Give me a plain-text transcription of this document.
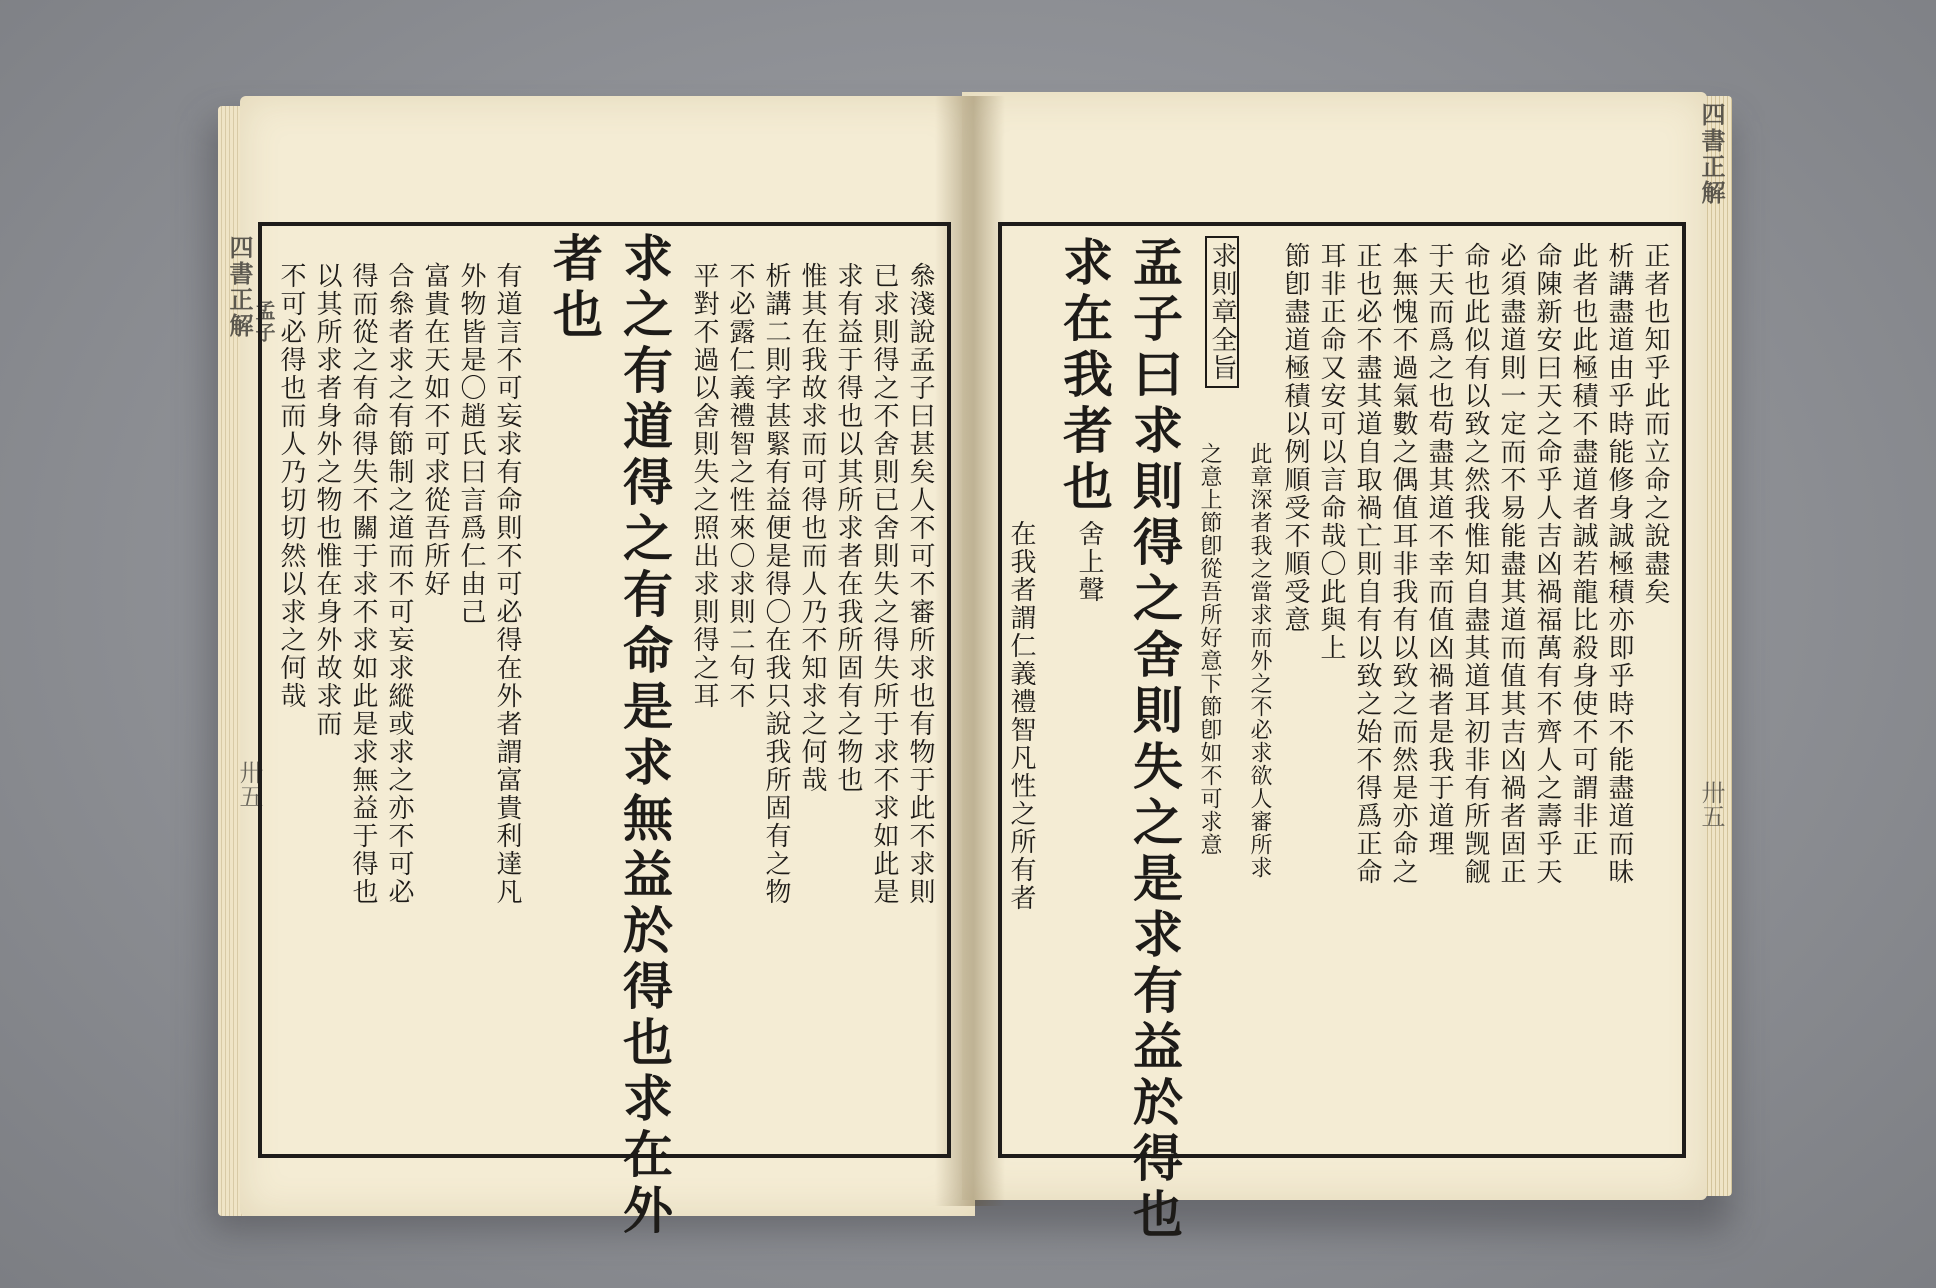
四書正解
孟子
四書正解
卅五	卅五
正者也知乎此而立命之說盡矣
析講盡道由乎時能修身誠極積亦即乎時不能盡道而昧
此者也此極積不盡道者誠若龍比殺身使不可謂非正
命陳新安曰天之命乎人吉凶禍福萬有不齊人之壽乎天
必須盡道則一定而不易能盡其道而值其吉凶禍者固正
命也此似有以致之然我惟知自盡其道耳初非有所觊觎
于天而爲之也苟盡其道不幸而值凶禍者是我于道理
本無愧不過氣數之偶值耳非我有以致之而然是亦命之
正也必不盡其道自取禍亡則自有以致之始不得爲正命
耳非正命又安可以言命哉〇此與上
節卽盡道極積以例順受不順受意
此章深者我之當求而外之不必求欲人審所求
之意上節卽從吾所好意下節卽如不可求意
求則章全旨
孟子曰求則得之舍則失之是求有益於得也
求在我者也
舍上聲
在我者謂仁義禮智凡性之所有者
叅淺說孟子曰甚矣人不可不審所求也有物于此不求則
已求則得之不舍則已舍則失之得失所于求不求如此是
求有益于得也以其所求者在我所固有之物也
惟其在我故求而可得也而人乃不知求之何哉
析講二則字甚緊有益便是得〇在我只說我所固有之物
不必露仁義禮智之性來〇求則二句不
平對不過以舍則失之照出求則得之耳
求之有道得之有命是求無益於得也求在外
者也
有道言不可妄求有命則不可必得在外者謂富貴利達凡
外物皆是〇趙氏曰言爲仁由己
富貴在天如不可求從吾所好
合叅者求之有節制之道而不可妄求縱或求之亦不可必
得而從之有命得失不關于求不求如此是求無益于得也
以其所求者身外之物也惟在身外故求而
不可必得也而人乃切切然以求之何哉
